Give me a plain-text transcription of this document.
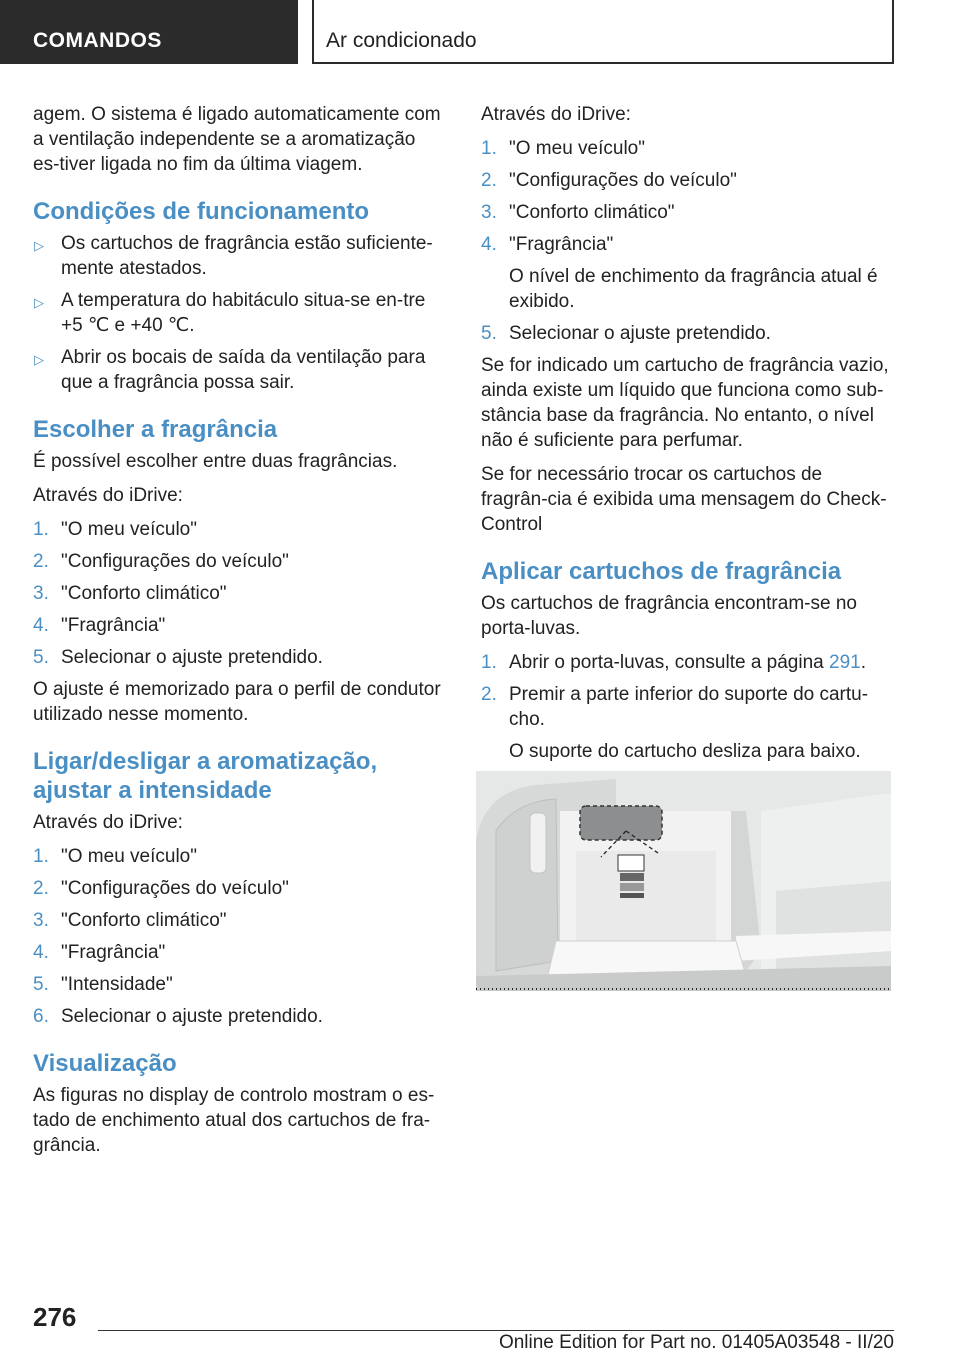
COMANDOS	Ar condicionado

agem. O sistema é ligado automaticamente com a ventilação independente se a aromatização es-tiver ligada no fim da última viagem.

Condições de funcionamento
▷ Os cartuchos de fragrância estão suficiente-mente atestados.
▷ A temperatura do habitáculo situa-se en-tre +5 ℃ e +40 ℃.
▷ Abrir os bocais de saída da ventilação para que a fragrância possa sair.
Escolher a fragrância

É possível escolher entre duas fragrâncias.

Através do iDrive:

1. "O meu veículo"
2. "Configurações do veículo"
3. "Conforto climático"
4. "Fragrância"
5. Selecionar o ajuste pretendido.

O ajuste é memorizado para o perfil de condutor utilizado nesse momento.

Ligar/desligar a aromatização, ajustar a intensidade

Através do iDrive:

1. "O meu veículo"
2. "Configurações do veículo"
3. "Conforto climático"
4. "Fragrância"
5. "Intensidade"
6. Selecionar o ajuste pretendido.
Visualização

As figuras no display de controlo mostram o es-tado de enchimento atual dos cartuchos de fra-grância.

Através do iDrive:

1. "O meu veículo"
2. "Configurações do veículo"
3. "Conforto climático"
4. "Fragrância"
O nível de enchimento da fragrância atual é exibido.
5. Selecionar o ajuste pretendido.

Se for indicado um cartucho de fragrância vazio, ainda existe um líquido que funciona como sub-stância base da fragrância. No entanto, o nível não é suficiente para perfumar.

Se for necessário trocar os cartuchos de fragrân-cia é exibida uma mensagem do Check-Control

Aplicar cartuchos de fragrância

Os cartuchos de fragrância encontram-se no porta-luvas.

1. Abrir o porta-luvas, consulte a página 291.
2. Premir a parte inferior do suporte do cartu-cho.
O suporte do cartucho desliza para baixo.
276
Online Edition for Part no. 01405A03548 - II/20
